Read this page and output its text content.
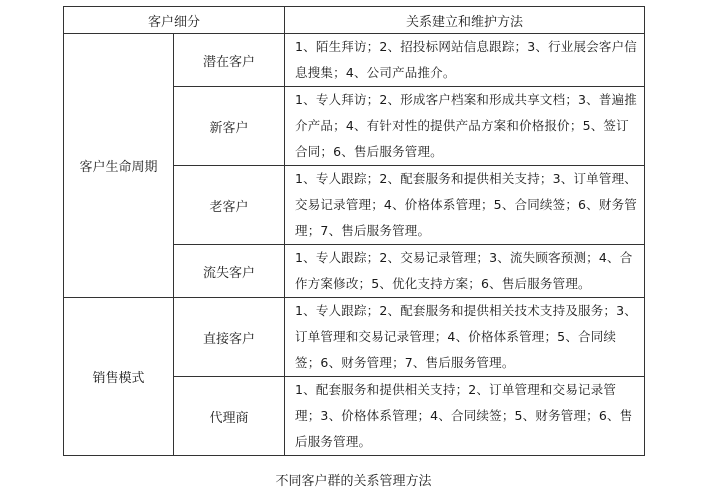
客户细分		关系建立和维护方法
客户生命周期	潜在客户	1、陌生拜访；2、招投标网站信息跟踪；3、行业展会客户信息搜集；4、公司产品推介。
	新客户	1、专人拜访；2、形成客户档案和形成共享文档；3、普遍推介产品；4、有针对性的提供产品方案和价格报价；5、签订合同；6、售后服务管理。
	老客户	1、专人跟踪；2、配套服务和提供相关支持；3、订单管理、交易记录管理；4、价格体系管理；5、合同续签；6、财务管理；7、售后服务管理。
	流失客户	1、专人跟踪；2、交易记录管理；3、流失顾客预测；4、合作方案修改；5、优化支持方案；6、售后服务管理。
销售模式	直接客户	1、专人跟踪；2、配套服务和提供相关技术支持及服务；3、订单管理和交易记录管理；4、价格体系管理；5、合同续签；6、财务管理；7、售后服务管理。
	代理商	1、配套服务和提供相关支持；2、订单管理和交易记录管理；3、价格体系管理；4、合同续签；5、财务管理；6、售后服务管理。
不同客户群的关系管理方法
